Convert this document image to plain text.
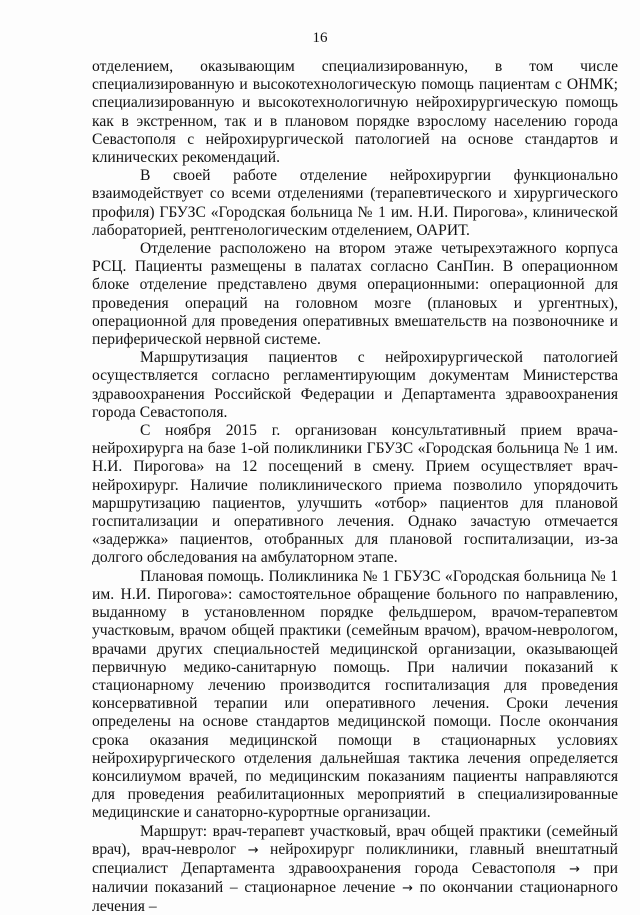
16

отделением, оказывающим специализированную, в том числе специализированную и высокотехнологическую помощь пациентам с ОНМК; специализированную и высокотехнологичную нейрохирургическую помощь как в экстренном, так и в плановом порядке взрослому населению города Севастополя с нейрохирургической патологией на основе стандартов и клинических рекомендаций.

В своей работе отделение нейрохирургии функционально взаимодействует со всеми отделениями (терапевтического и хирургического профиля) ГБУЗС «Городская больница № 1 им. Н.И. Пирогова», клинической лабораторией, рентгенологическим отделением, ОАРИТ.

Отделение расположено на втором этаже четырехэтажного корпуса РСЦ. Пациенты размещены в палатах согласно СанПин. В операционном блоке отделение представлено двумя операционными: операционной для проведения операций на головном мозге (плановых и ургентных), операционной для проведения оперативных вмешательств на позвоночнике и периферической нервной системе.

Маршрутизация пациентов с нейрохирургической патологией осуществляется согласно регламентирующим документам Министерства здравоохранения Российской Федерации и Департамента здравоохранения города Севастополя.

С ноября 2015 г. организован консультативный прием врача-нейрохирурга на базе 1-ой поликлиники ГБУЗС «Городская больница № 1 им. Н.И. Пирогова» на 12 посещений в смену. Прием осуществляет врач-нейрохирург. Наличие поликлинического приема позволило упорядочить маршрутизацию пациентов, улучшить «отбор» пациентов для плановой госпитализации и оперативного лечения. Однако зачастую отмечается «задержка» пациентов, отобранных для плановой госпитализации, из-за долгого обследования на амбулаторном этапе.

Плановая помощь. Поликлиника № 1 ГБУЗС «Городская больница № 1 им. Н.И. Пирогова»: самостоятельное обращение больного по направлению, выданному в установленном порядке фельдшером, врачом-терапевтом участковым, врачом общей практики (семейным врачом), врачом-неврологом, врачами других специальностей медицинской организации, оказывающей первичную медико-санитарную помощь. При наличии показаний к стационарному лечению производится госпитализация для проведения консервативной терапии или оперативного лечения. Сроки лечения определены на основе стандартов медицинской помощи. После окончания срока оказания медицинской помощи в стационарных условиях нейрохирургического отделения дальнейшая тактика лечения определяется консилиумом врачей, по медицинским показаниям пациенты направляются для проведения реабилитационных мероприятий в специализированные медицинские и санаторно-курортные организации.

Маршрут: врач-терапевт участковый, врач общей практики (семейный врач), врач-невролог → нейрохирург поликлиники, главный внештатный специалист Департамента здравоохранения города Севастополя → при наличии показаний – стационарное лечение → по окончании стационарного лечения –
